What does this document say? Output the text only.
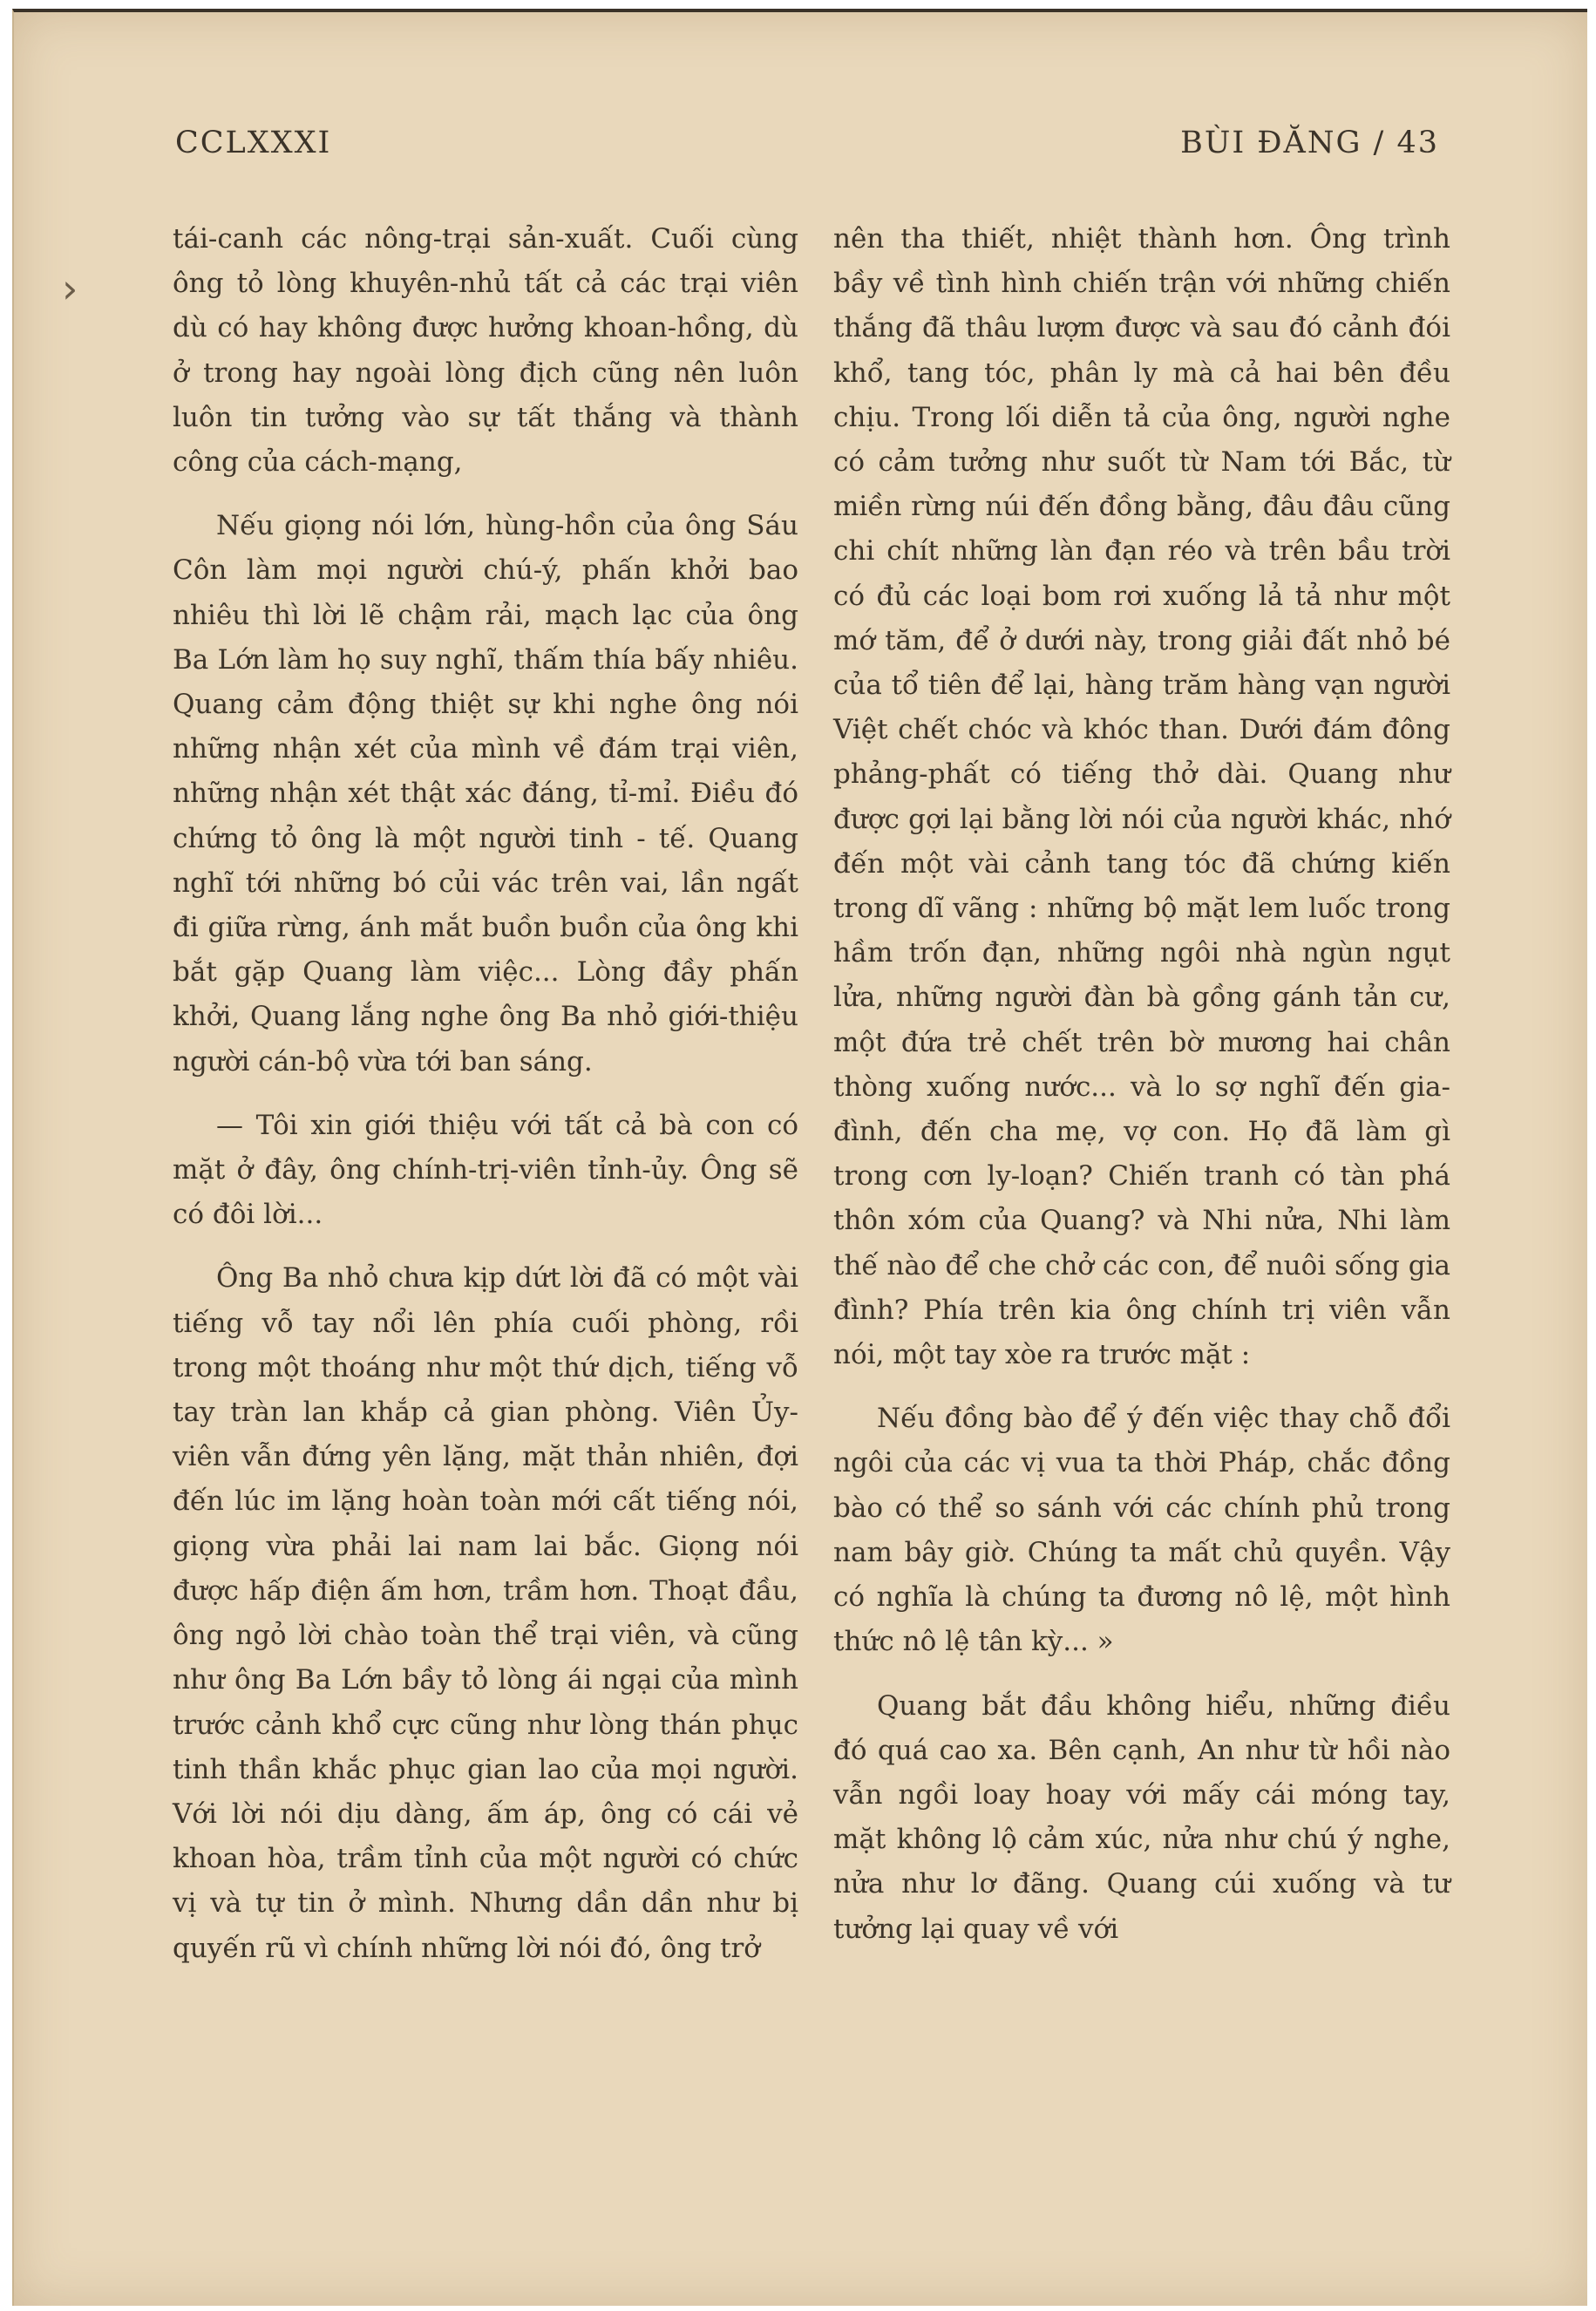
CCLXXXI	BÙI ĐĂNG / 43
›

tái-canh các nông-trại sản-xuất. Cuối cùng ông tỏ lòng khuyên-nhủ tất cả các trại viên dù có hay không được hưởng khoan-hồng, dù ở trong hay ngoài lòng địch cũng nên luôn luôn tin tưởng vào sự tất thắng và thành công của cách-mạng,

Nếu giọng nói lớn, hùng-hồn của ông Sáu Côn làm mọi người chú-ý, phấn khởi bao nhiêu thì lời lẽ chậm rải, mạch lạc của ông Ba Lớn làm họ suy nghĩ, thấm thía bấy nhiêu. Quang cảm động thiệt sự khi nghe ông nói những nhận xét của mình về đám trại viên, những nhận xét thật xác đáng, tỉ-mỉ. Điều đó chứng tỏ ông là một người tinh - tế. Quang nghĩ tới những bó củi vác trên vai, lần ngất đi giữa rừng, ánh mắt buồn buồn của ông khi bắt gặp Quang làm việc... Lòng đầy phấn khởi, Quang lắng nghe ông Ba nhỏ giới-thiệu người cán-bộ vừa tới ban sáng.

— Tôi xin giới thiệu với tất cả bà con có mặt ở đây, ông chính-trị-viên tỉnh-ủy. Ông sẽ có đôi lời...

Ông Ba nhỏ chưa kịp dứt lời đã có một vài tiếng vỗ tay nổi lên phía cuối phòng, rồi trong một thoáng như một thứ dịch, tiếng vỗ tay tràn lan khắp cả gian phòng. Viên Ủy-viên vẫn đứng yên lặng, mặt thản nhiên, đợi đến lúc im lặng hoàn toàn mới cất tiếng nói, giọng vừa phải lai nam lai bắc. Giọng nói được hấp điện ấm hơn, trầm hơn. Thoạt đầu, ông ngỏ lời chào toàn thể trại viên, và cũng như ông Ba Lớn bầy tỏ lòng ái ngại của mình trước cảnh khổ cực cũng như lòng thán phục tinh thần khắc phục gian lao của mọi người. Với lời nói dịu dàng, ấm áp, ông có cái vẻ khoan hòa, trầm tỉnh của một người có chức vị và tự tin ở mình. Nhưng dần dần như bị quyến rũ vì chính những lời nói đó, ông trở

nên tha thiết, nhiệt thành hơn. Ông trình bầy về tình hình chiến trận với những chiến thắng đã thâu lượm được và sau đó cảnh đói khổ, tang tóc, phân ly mà cả hai bên đều chịu. Trong lối diễn tả của ông, người nghe có cảm tưởng như suốt từ Nam tới Bắc, từ miền rừng núi đến đồng bằng, đâu đâu cũng chi chít những làn đạn réo và trên bầu trời có đủ các loại bom rơi xuống lả tả như một mớ tăm, để ở dưới này, trong giải đất nhỏ bé của tổ tiên để lại, hàng trăm hàng vạn người Việt chết chóc và khóc than. Dưới đám đông phảng-phất có tiếng thở dài. Quang như được gợi lại bằng lời nói của người khác, nhớ đến một vài cảnh tang tóc đã chứng kiến trong dĩ vãng : những bộ mặt lem luốc trong hầm trốn đạn, những ngôi nhà ngùn ngụt lửa, những người đàn bà gồng gánh tản cư, một đứa trẻ chết trên bờ mương hai chân thòng xuống nước... và lo sợ nghĩ đến gia-đình, đến cha mẹ, vợ con. Họ đã làm gì trong cơn ly-loạn? Chiến tranh có tàn phá thôn xóm của Quang? và Nhi nửa, Nhi làm thế nào để che chở các con, để nuôi sống gia đình? Phía trên kia ông chính trị viên vẫn nói, một tay xòe ra trước mặt :

Nếu đồng bào để ý đến việc thay chỗ đổi ngôi của các vị vua ta thời Pháp, chắc đồng bào có thể so sánh với các chính phủ trong nam bây giờ. Chúng ta mất chủ quyền. Vậy có nghĩa là chúng ta đương nô lệ, một hình thức nô lệ tân kỳ... »

Quang bắt đầu không hiểu, những điều đó quá cao xa. Bên cạnh, An như từ hồi nào vẫn ngồi loay hoay với mấy cái móng tay, mặt không lộ cảm xúc, nửa như chú ý nghe, nửa như lơ đãng. Quang cúi xuống và tư tưởng lại quay về với
